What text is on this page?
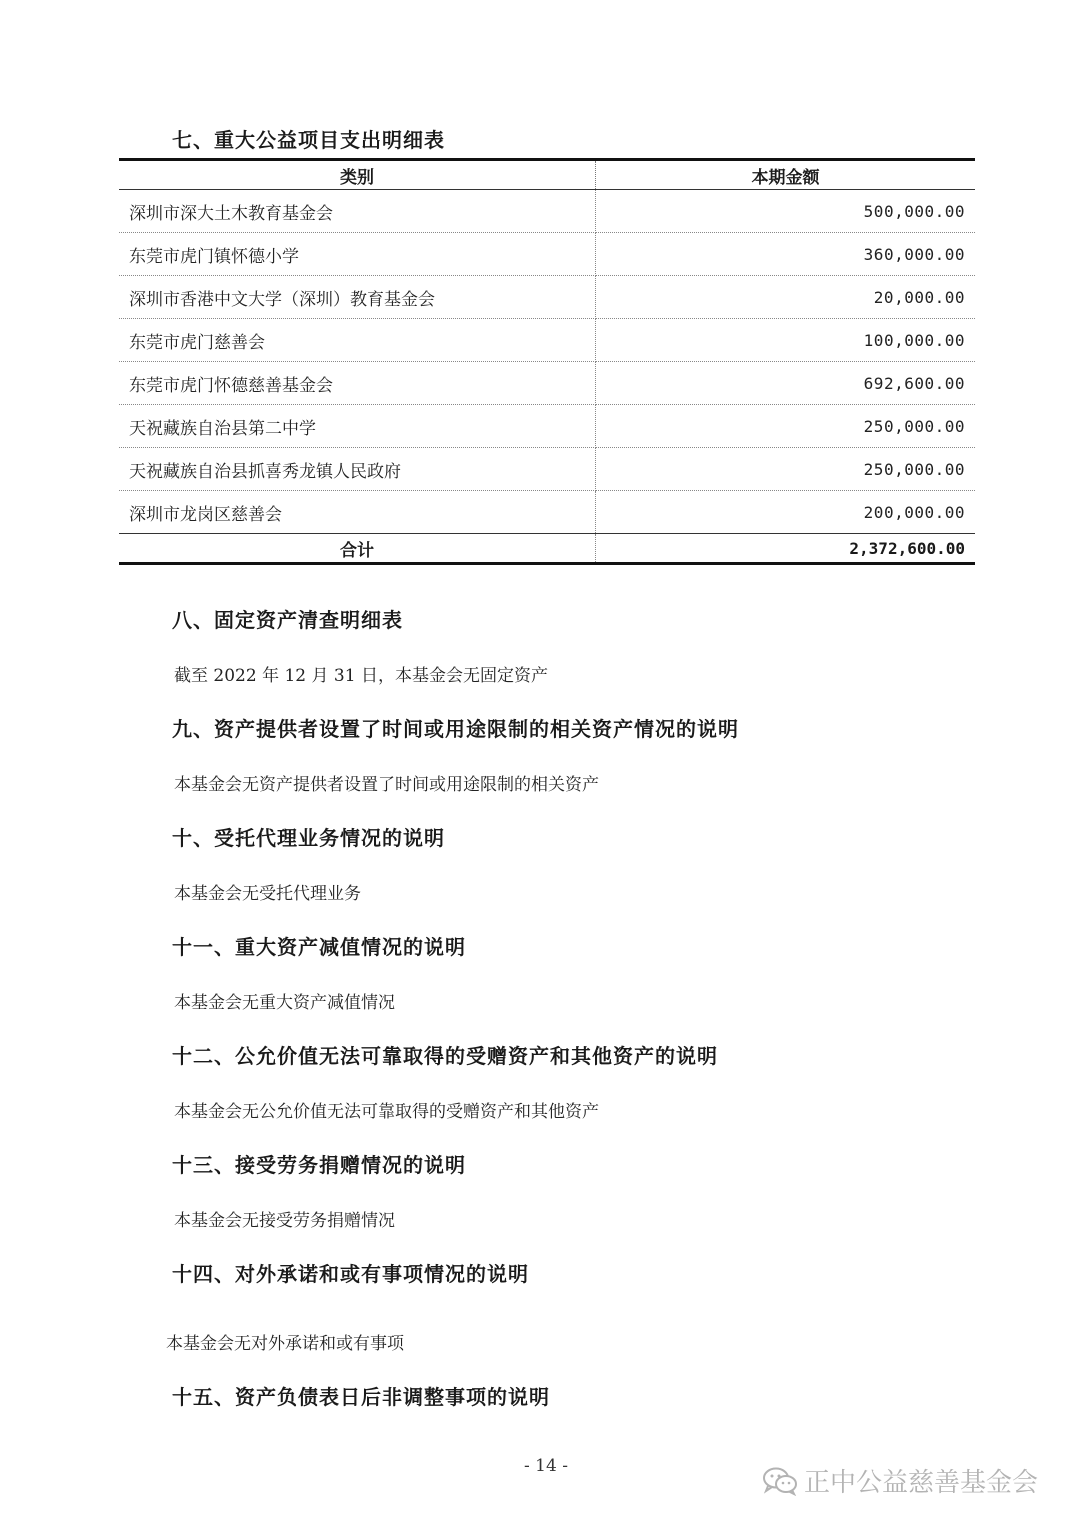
七、重大公益项目支出明细表
类别	本期金额
深圳市深大土木教育基金会	500,000.00
东莞市虎门镇怀德小学	360,000.00
深圳市香港中文大学（深圳）教育基金会	20,000.00
东莞市虎门慈善会	100,000.00
东莞市虎门怀德慈善基金会	692,600.00
天祝藏族自治县第二中学	250,000.00
天祝藏族自治县抓喜秀龙镇人民政府	250,000.00
深圳市龙岗区慈善会	200,000.00
合计	2,372,600.00
八、固定资产清查明细表
截至 2022 年 12 月 31 日，本基金会无固定资产
九、资产提供者设置了时间或用途限制的相关资产情况的说明
本基金会无资产提供者设置了时间或用途限制的相关资产
十、受托代理业务情况的说明
本基金会无受托代理业务
十一、重大资产减值情况的说明
本基金会无重大资产减值情况
十二、公允价值无法可靠取得的受赠资产和其他资产的说明
本基金会无公允价值无法可靠取得的受赠资产和其他资产
十三、接受劳务捐赠情况的说明
本基金会无接受劳务捐赠情况
十四、对外承诺和或有事项情况的说明
本基金会无对外承诺和或有事项
十五、资产负债表日后非调整事项的说明
- 14 -
正中公益慈善基金会
